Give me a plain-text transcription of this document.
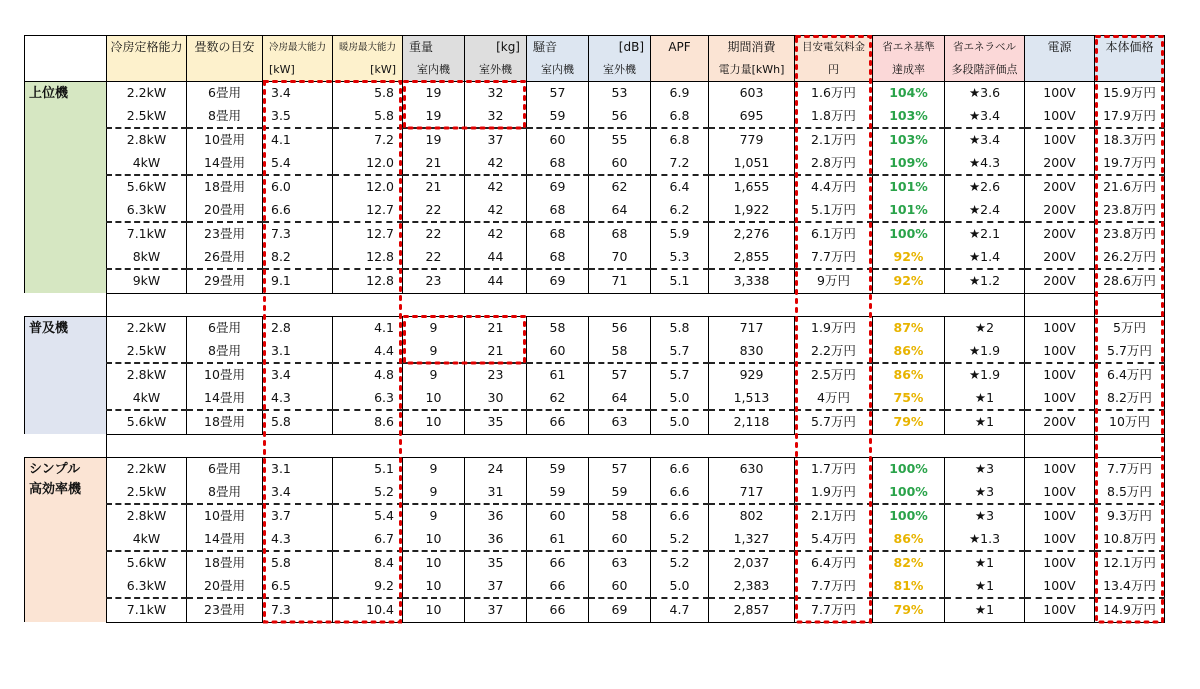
	冷房定格能力	畳数の目安	冷房最大能力	暖房最大能力	重量	[kg]	騒音	[dB]	APF	期間消費	目安電気料金	省エネ基準	省エネラベル	電源	本体価格
			[kW]	[kW]	室内機	室外機	室内機	室外機		電力量[kWh]	円	達成率	多段階評価点		

上位機	2.2kW	6畳用	3.4	5.8	19	32	57	53	6.9	603	1.6万円	104%	★3.6	100V	15.9万円
	2.5kW	8畳用	3.5	5.8	19	32	59	56	6.8	695	1.8万円	103%	★3.4	100V	17.9万円
	2.8kW	10畳用	4.1	7.2	19	37	60	55	6.8	779	2.1万円	103%	★3.4	100V	18.3万円
	4kW	14畳用	5.4	12.0	21	42	68	60	7.2	1,051	2.8万円	109%	★4.3	200V	19.7万円
	5.6kW	18畳用	6.0	12.0	21	42	69	62	6.4	1,655	4.4万円	101%	★2.6	200V	21.6万円
	6.3kW	20畳用	6.6	12.7	22	42	68	64	6.2	1,922	5.1万円	101%	★2.4	200V	23.8万円
	7.1kW	23畳用	7.3	12.7	22	42	68	68	5.9	2,276	6.1万円	100%	★2.1	200V	23.8万円
	8kW	26畳用	8.2	12.8	22	44	68	70	5.3	2,855	7.7万円	92%	★1.4	200V	26.2万円
	9kW	29畳用	9.1	12.8	23	44	69	71	5.1	3,338	9万円	92%	★1.2	200V	28.6万円

普及機	2.2kW	6畳用	2.8	4.1	9	21	58	56	5.8	717	1.9万円	87%	★2	100V	5万円
	2.5kW	8畳用	3.1	4.4	9	21	60	58	5.7	830	2.2万円	86%	★1.9	100V	5.7万円
	2.8kW	10畳用	3.4	4.8	9	23	61	57	5.7	929	2.5万円	86%	★1.9	100V	6.4万円
	4kW	14畳用	4.3	6.3	10	30	62	64	5.0	1,513	4万円	75%	★1	100V	8.2万円
	5.6kW	18畳用	5.8	8.6	10	35	66	63	5.0	2,118	5.7万円	79%	★1	200V	10万円

シンプル
高効率機	2.2kW	6畳用	3.1	5.1	9	24	59	57	6.6	630	1.7万円	100%	★3	100V	7.7万円
	2.5kW	8畳用	3.4	5.2	9	31	59	59	6.6	717	1.9万円	100%	★3	100V	8.5万円
	2.8kW	10畳用	3.7	5.4	9	36	60	58	6.6	802	2.1万円	100%	★3	100V	9.3万円
	4kW	14畳用	4.3	6.7	10	36	61	60	5.2	1,327	5.4万円	86%	★1.3	100V	10.8万円
	5.6kW	18畳用	5.8	8.4	10	35	66	63	5.2	2,037	6.4万円	82%	★1	100V	12.1万円
	6.3kW	20畳用	6.5	9.2	10	37	66	60	5.0	2,383	7.7万円	81%	★1	100V	13.4万円
	7.1kW	23畳用	7.3	10.4	10	37	66	69	4.7	2,857	7.7万円	79%	★1	100V	14.9万円
